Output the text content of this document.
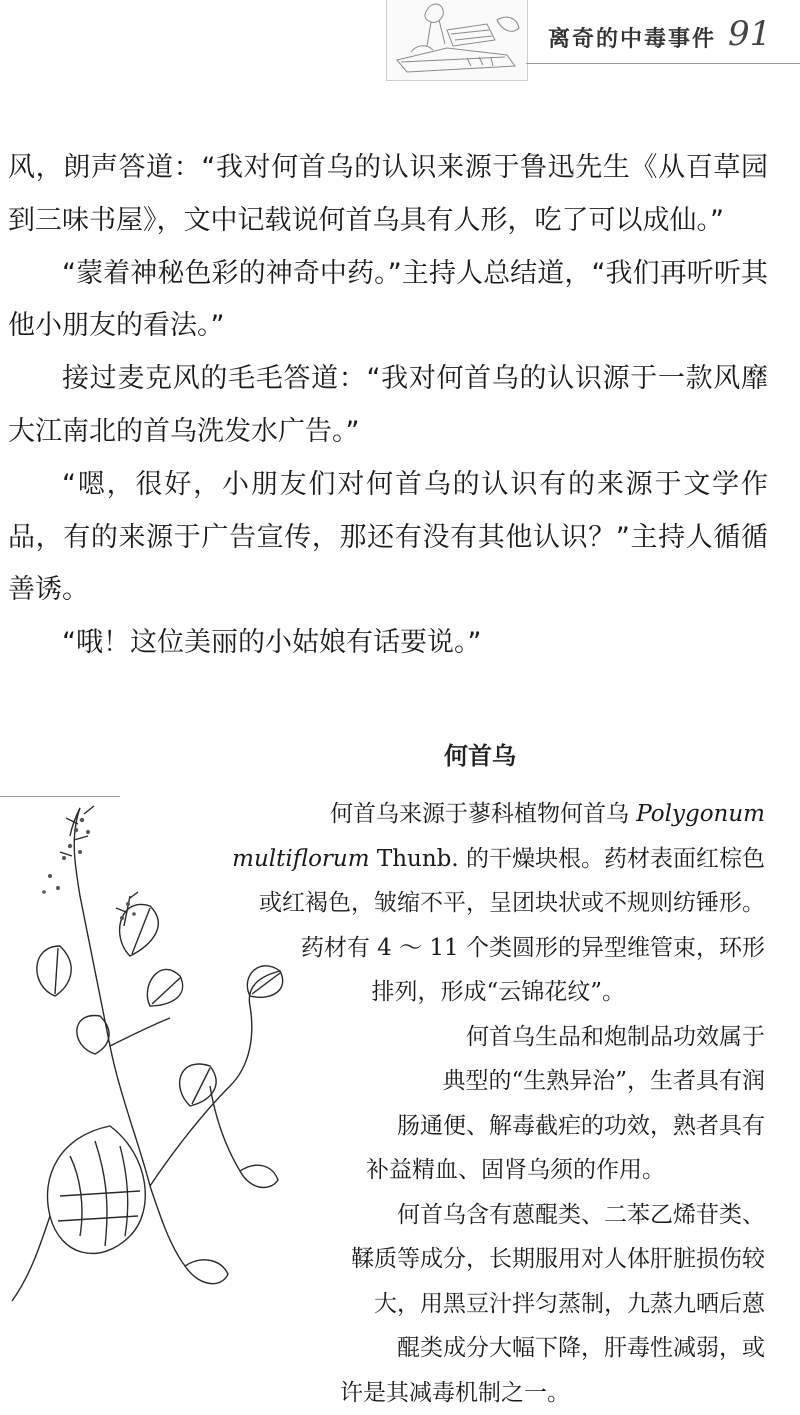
离奇的中毒事件 91

风，朗声答道：“我对何首乌的认识来源于鲁迅先生《从百草园到三味书屋》，文中记载说何首乌具有人形，吃了可以成仙。”

“蒙着神秘色彩的神奇中药。”主持人总结道，“我们再听听其他小朋友的看法。”

接过麦克风的毛毛答道：“我对何首乌的认识源于一款风靡大江南北的首乌洗发水广告。”

“嗯，很好，小朋友们对何首乌的认识有的来源于文学作品，有的来源于广告宣传，那还有没有其他认识？”主持人循循善诱。

“哦！这位美丽的小姑娘有话要说。”

何首乌
何首乌来源于蓼科植物何首乌 Polygonum
multiflorum Thunb. 的干燥块根。药材表面红棕色
或红褐色，皱缩不平，呈团块状或不规则纺锤形。
药材有 4 ～ 11 个类圆形的异型维管束，环形
排列，形成“云锦花纹”。
何首乌生品和炮制品功效属于
典型的“生熟异治”，生者具有润
肠通便、解毒截疟的功效，熟者具有
补益精血、固肾乌须的作用。
何首乌含有蒽醌类、二苯乙烯苷类、
鞣质等成分，长期服用对人体肝脏损伤较
大，用黑豆汁拌匀蒸制，九蒸九晒后蒽
醌类成分大幅下降，肝毒性减弱，或
许是其减毒机制之一。
